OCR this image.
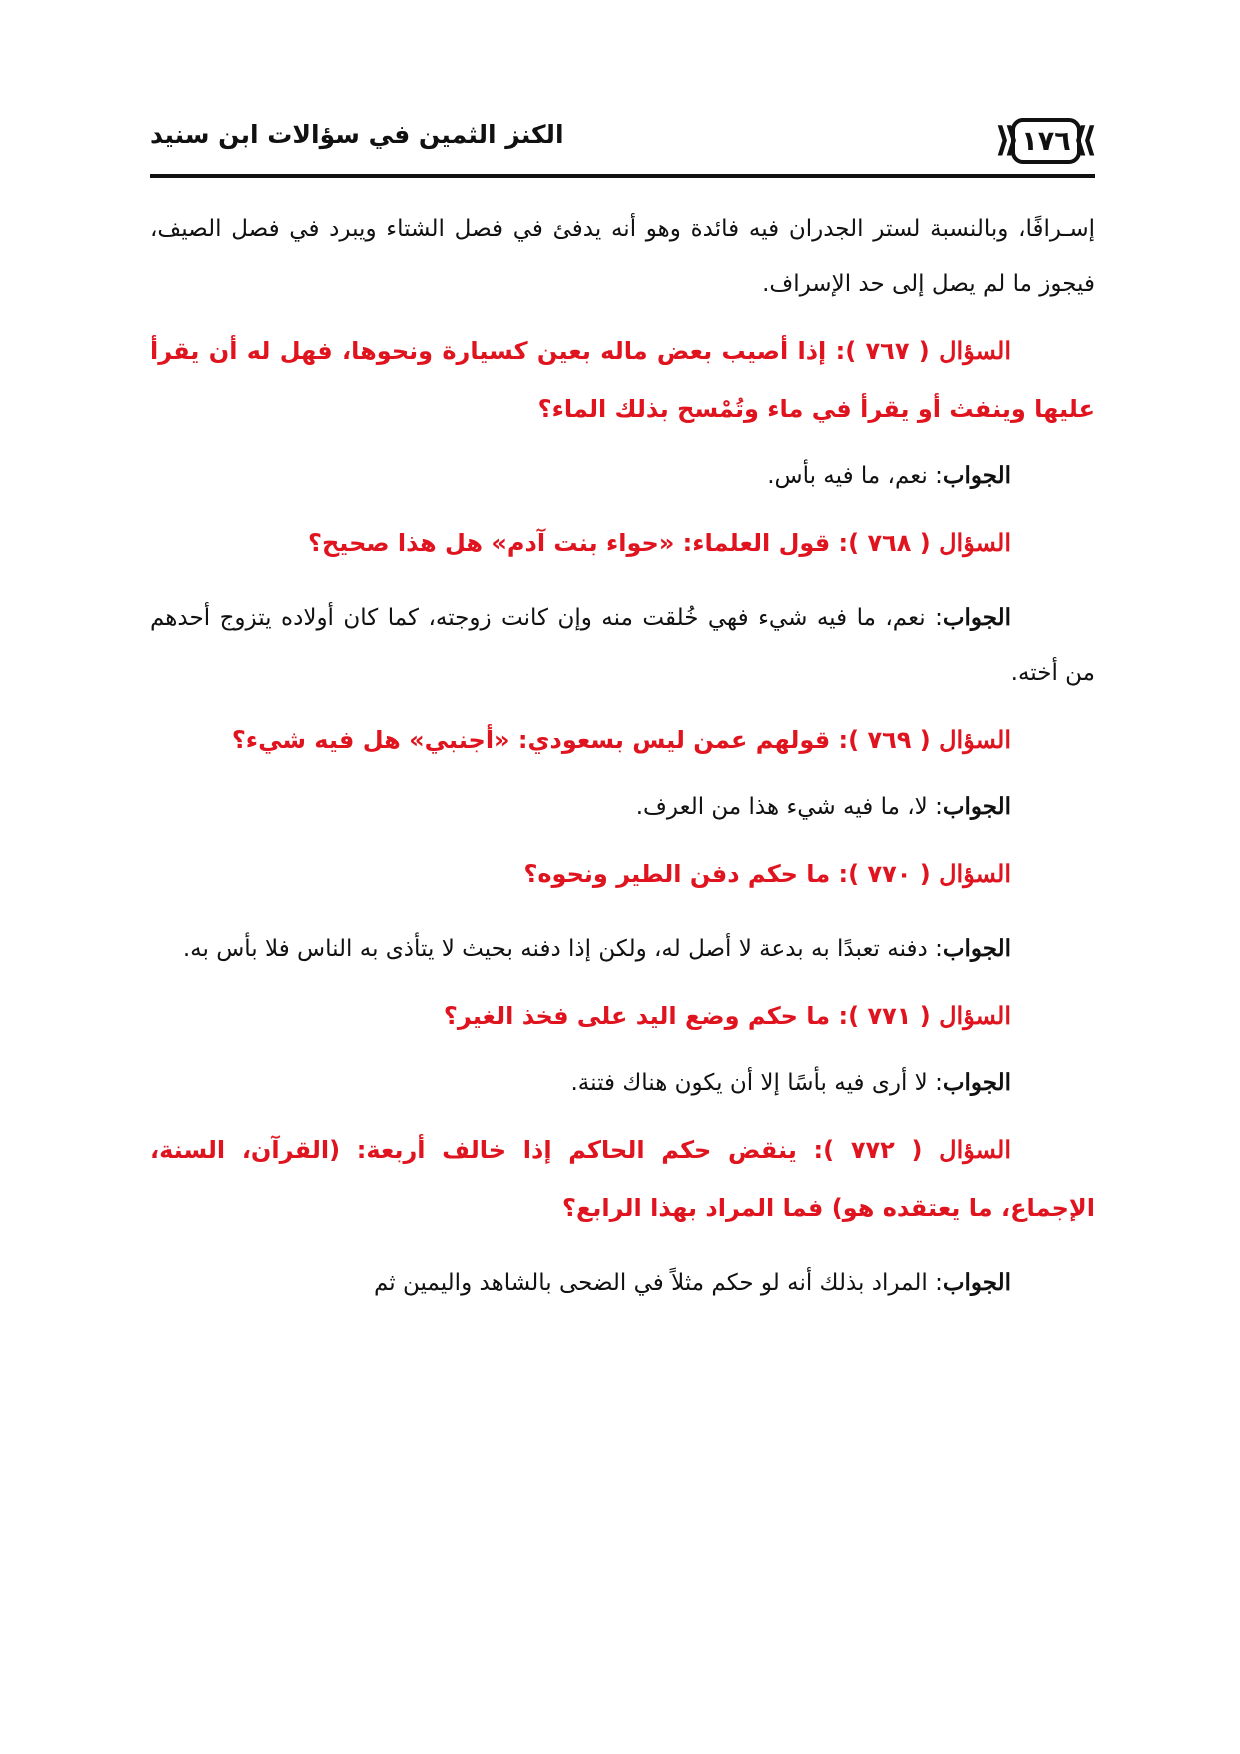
⟫
١٧٦
⟪
الكنز الثمين في سؤالات ابن سنيد

إسـرافًا، وبالنسبة لستر الجدران فيه فائدة وهو أنه يدفئ في فصل الشتاء ويبرد في فصل الصيف، فيجوز ما لم يصل إلى حد الإسراف.

السؤال ( ٧٦٧ ): إذا أصيب بعض ماله بعين كسيارة ونحوها، فهل له أن يقرأ عليها وينفث أو يقرأ في ماء وتُمْسح بذلك الماء؟

الجواب: نعم، ما فيه بأس.

السؤال ( ٧٦٨ ): قول العلماء: «حواء بنت آدم» هل هذا صحيح؟

الجواب: نعم، ما فيه شيء فهي خُلقت منه وإن كانت زوجته، كما كان أولاده يتزوج أحدهم من أخته.

السؤال ( ٧٦٩ ): قولهم عمن ليس بسعودي: «أجنبي» هل فيه شيء؟

الجواب: لا، ما فيه شيء هذا من العرف.

السؤال ( ٧٧٠ ): ما حكم دفن الطير ونحوه؟

الجواب: دفنه تعبدًا به بدعة لا أصل له، ولكن إذا دفنه بحيث لا يتأذى به الناس فلا بأس به.

السؤال ( ٧٧١ ): ما حكم وضع اليد على فخذ الغير؟

الجواب: لا أرى فيه بأسًا إلا أن يكون هناك فتنة.

السؤال ( ٧٧٢ ): ينقض حكم الحاكم إذا خالف أربعة: (القرآن، السنة، الإجماع، ما يعتقده هو) فما المراد بهذا الرابع؟

الجواب: المراد بذلك أنه لو حكم مثلاً في الضحى بالشاهد واليمين ثم
